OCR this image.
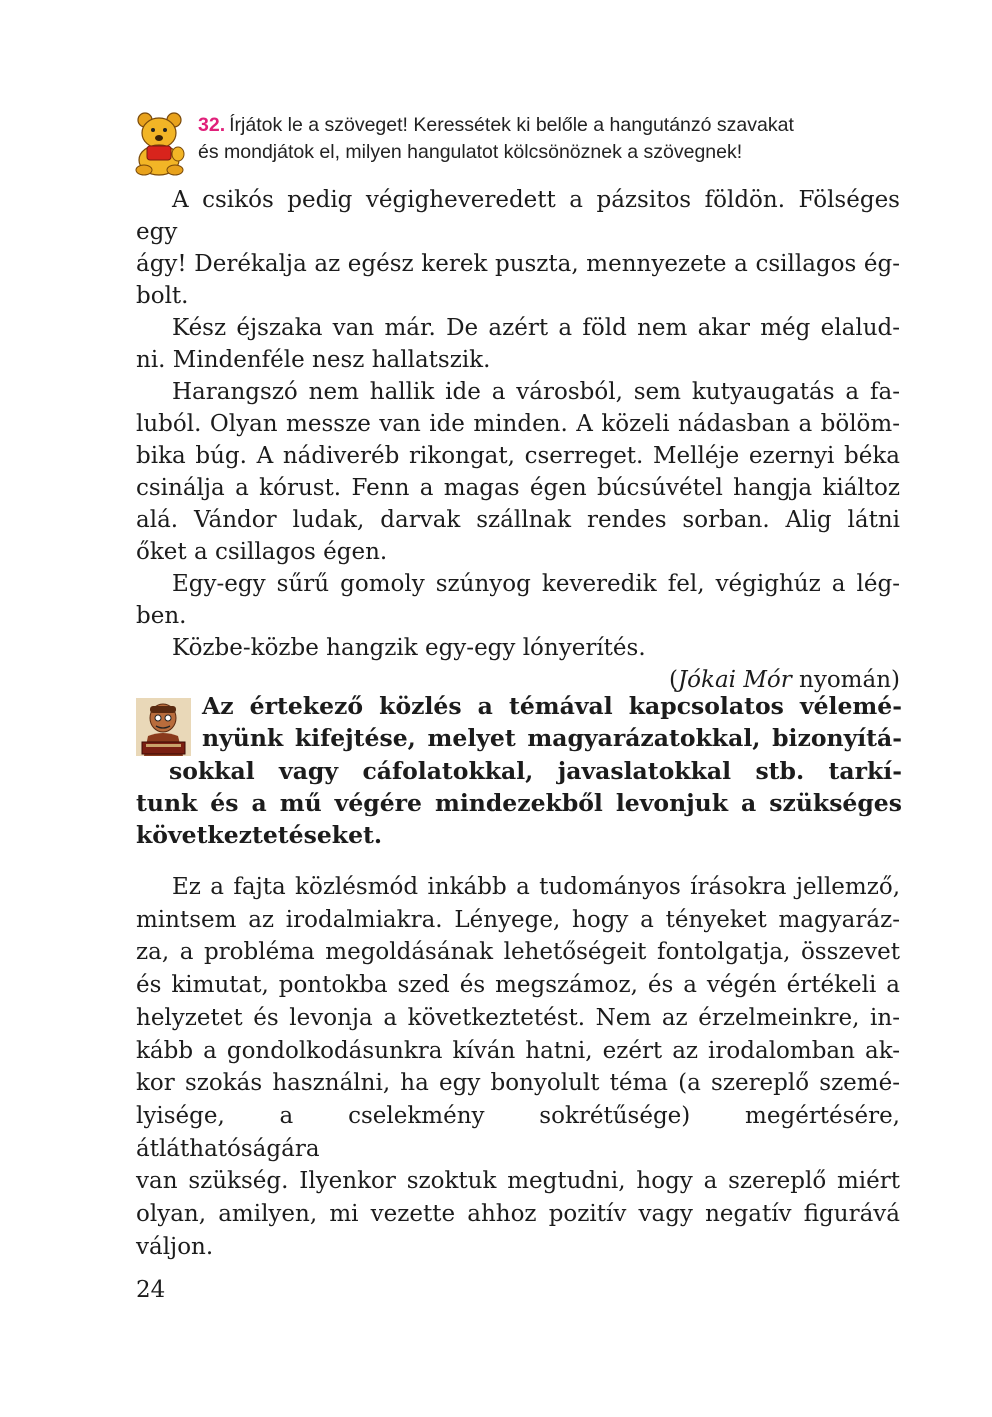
32. Írjátok le a szöveget! Keressétek ki belőle a hangutánzó szavakat
és mondjátok el, milyen hangulatot kölcsönöznek a szövegnek!
A csikós pedig végigheveredett a pázsitos földön. Fölséges egy
ágy! Derékalja az egész kerek puszta, mennyezete a csillagos ég-
bolt.
Kész éjszaka van már. De azért a föld nem akar még elalud-
ni. Mindenféle nesz hallatszik.
Harangszó nem hallik ide a városból, sem kutyaugatás a fa-
luból. Olyan messze van ide minden. A közeli nádasban a bölöm-
bika búg. A nádiveréb rikongat, cserreget. Melléje ezernyi béka
csinálja a kórust. Fenn a magas égen búcsúvétel hangja kiáltoz
alá. Vándor ludak, darvak szállnak rendes sorban. Alig látni
őket a csillagos égen.
Egy-egy sűrű gomoly szúnyog keveredik fel, végighúz a lég-
ben.
Közbe-közbe hangzik egy-egy lónyerítés.
(Jókai Mór nyomán)
Az értekező közlés a témával kapcsolatos vélemé-
nyünk kifejtése, melyet magyarázatokkal, bizonyítá-
sokkal vagy cáfolatokkal, javaslatokkal stb. tarkí-
tunk és a mű végére mindezekből levonjuk a szükséges
következtetéseket.
Ez a fajta közlésmód inkább a tudományos írásokra jellemző,
mintsem az irodalmiakra. Lényege, hogy a tényeket magyaráz-
za, a probléma megoldásának lehetőségeit fontolgatja, összevet
és kimutat, pontokba szed és megszámoz, és a végén értékeli a
helyzetet és levonja a következtetést. Nem az érzelmeinkre, in-
kább a gondolkodásunkra kíván hatni, ezért az irodalomban ak-
kor szokás használni, ha egy bonyolult téma (a szereplő szemé-
lyisége, a cselekmény sokrétűsége) megértésére, átláthatóságára
van szükség. Ilyenkor szoktuk megtudni, hogy a szereplő miért
olyan, amilyen, mi vezette ahhoz pozitív vagy negatív figurává
váljon.
24
